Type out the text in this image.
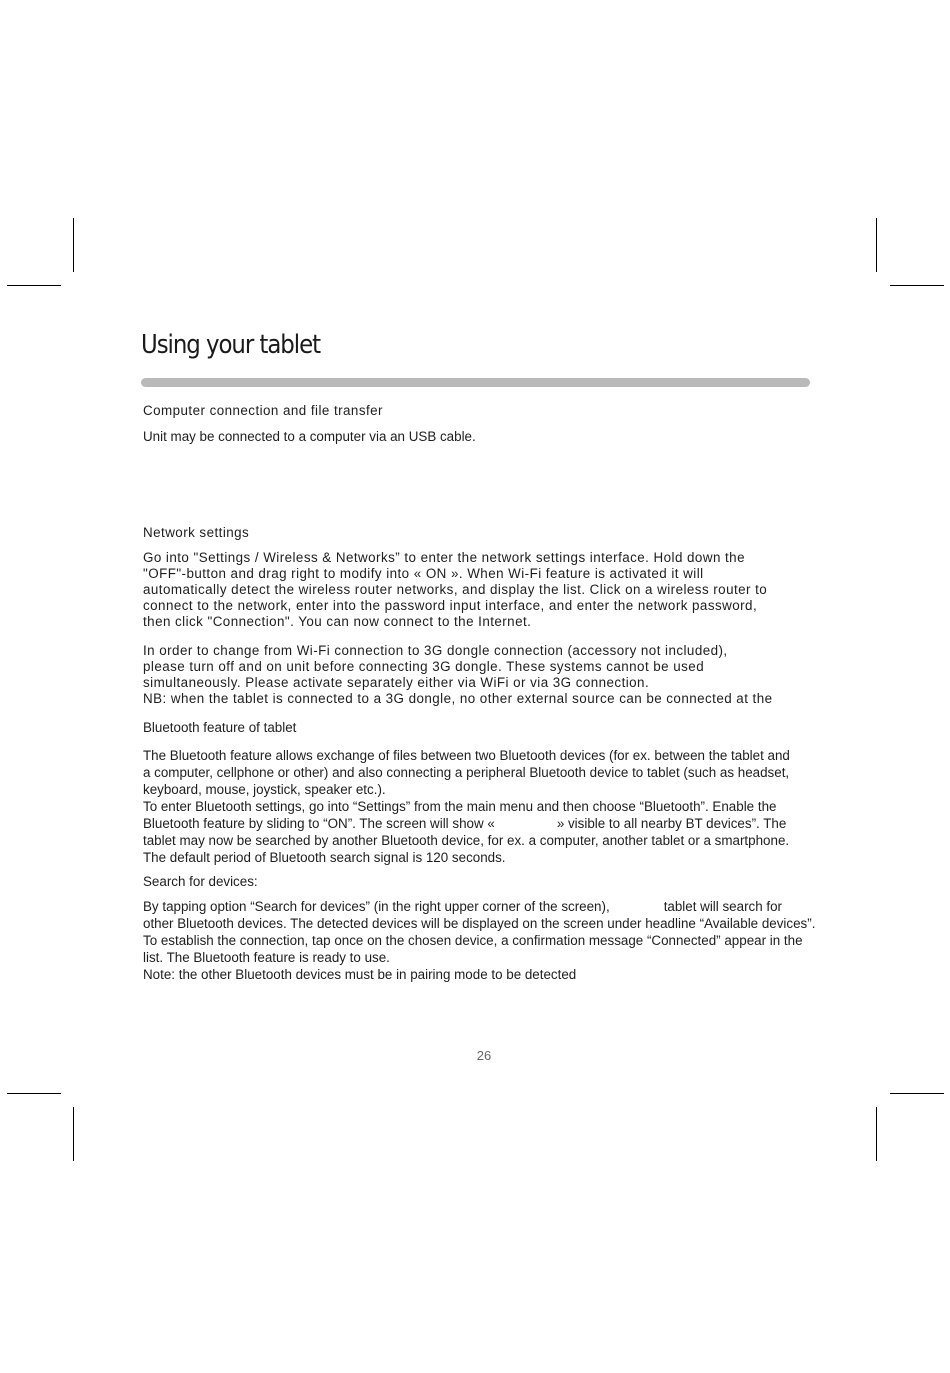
Using your tablet

Computer connection and file transfer

Unit may be connected to a computer via an USB cable.

Network settings

Go into "Settings / Wireless & Networks” to enter the network settings interface. Hold down the
"OFF"-button and drag right to modify into « ON ». When Wi-Fi feature is activated it will
automatically detect the wireless router networks, and display the list. Click on a wireless router to
connect to the network, enter into the password input interface, and enter the network password,
then click "Connection". You can now connect to the Internet.

In order to change from Wi-Fi connection to 3G dongle connection (accessory not included),
please turn off and on unit before connecting 3G dongle. These systems cannot be used
simultaneously. Please activate separately either via WiFi or via 3G connection.
NB: when the tablet is connected to a 3G dongle, no other external source can be connected at the

Bluetooth feature of tablet

The Bluetooth feature allows exchange of files between two Bluetooth devices (for ex. between the tablet and
a computer, cellphone or other) and also connecting a peripheral Bluetooth device to tablet (such as headset,
keyboard, mouse, joystick, speaker etc.).
To enter Bluetooth settings, go into “Settings” from the main menu and then choose “Bluetooth”. Enable the
Bluetooth feature by sliding to “ON”. The screen will show «	» visible to all nearby BT devices”. The
tablet may now be searched by another Bluetooth device, for ex. a computer, another tablet or a smartphone.
The default period of Bluetooth search signal is 120 seconds.

Search for devices:

By tapping option “Search for devices” (in the right upper corner of the screen),	tablet will search for
other Bluetooth devices. The detected devices will be displayed on the screen under headline “Available devices”.
To establish the connection, tap once on the chosen device, a confirmation message “Connected” appear in the
list. The Bluetooth feature is ready to use.
Note: the other Bluetooth devices must be in pairing mode to be detected
26
